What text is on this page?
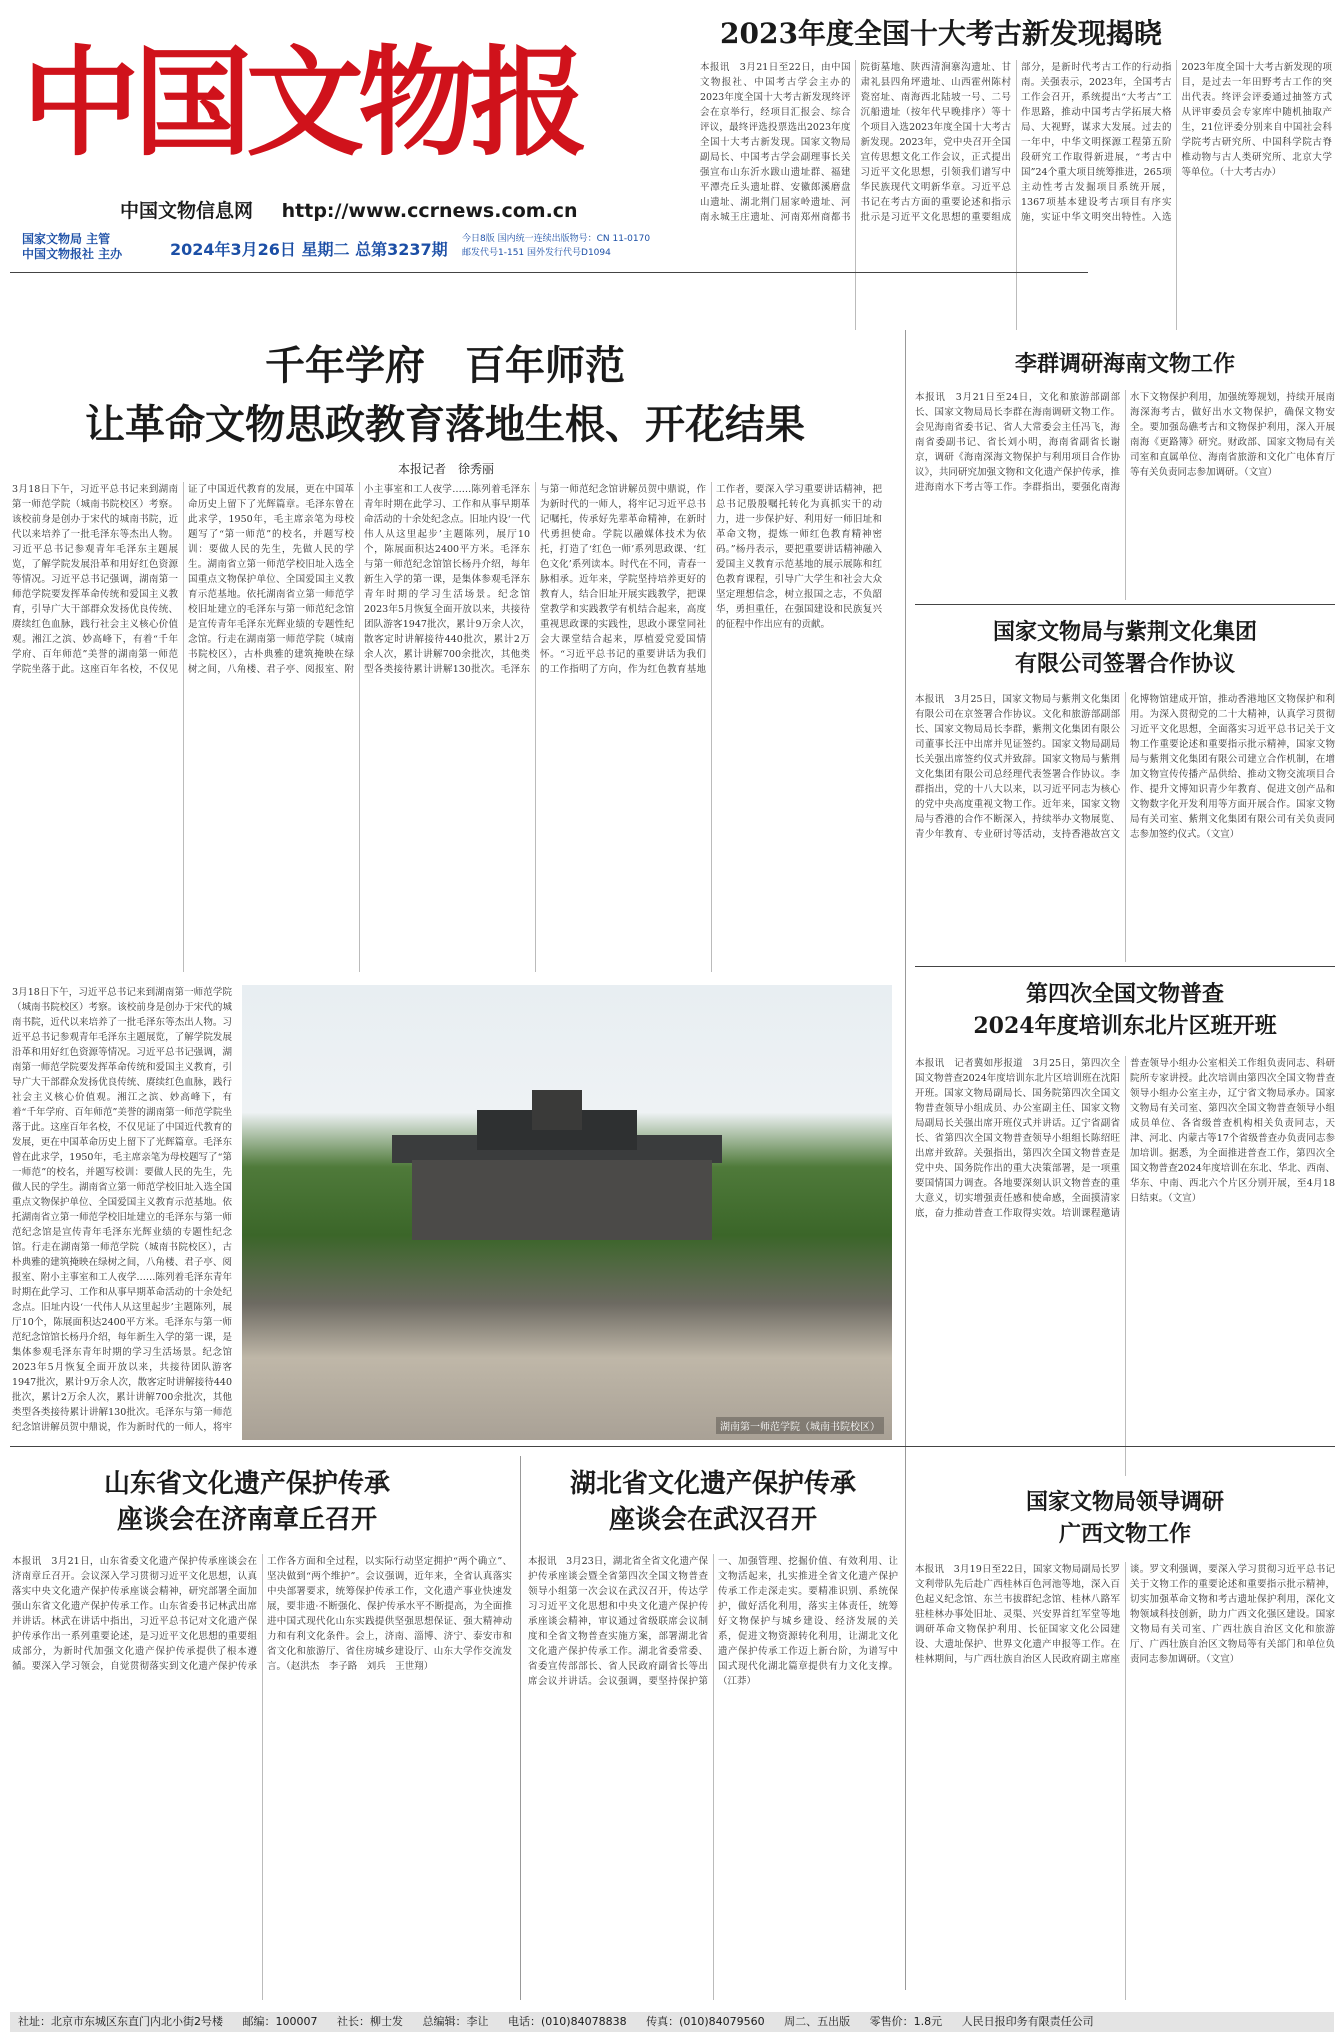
中国文物报
中国文物信息网 http://www.ccrnews.com.cn
国家文物局 主管
中国文物报社 主办	2024年3月26日 星期二 总第3237期
今日8版 国内统一连续出版物号：CN 11-0170
邮发代号1-151 国外发行代号D1094
2023年度全国十大考古新发现揭晓
本报讯　3月21日至22日，由中国文物报社、中国考古学会主办的2023年度全国十大考古新发现终评会在京举行，经项目汇报会、综合评议，最终评选投票选出2023年度全国十大考古新发现。国家文物局副局长、中国考古学会副理事长关强宣布山东沂水跋山遗址群、福建平潭壳丘头遗址群、安徽郎溪磨盘山遗址、湖北荆门屈家岭遗址、河南永城王庄遗址、河南郑州商都书院街墓地、陕西清涧寨沟遗址、甘肃礼县四角坪遗址、山西霍州陈村瓷窑址、南海西北陆坡一号、二号沉船遗址（按年代早晚排序）等十个项目入选2023年度全国十大考古新发现。2023年，党中央召开全国宣传思想文化工作会议，正式提出习近平文化思想，引领我们谱写中华民族现代文明新华章。习近平总书记在考古方面的重要论述和指示批示是习近平文化思想的重要组成部分，是新时代考古工作的行动指南。关强表示，2023年，全国考古工作会召开，系统提出“大考古”工作思路，推动中国考古学拓展大格局、大视野，谋求大发展。过去的一年中，中华文明探源工程第五阶段研究工作取得新进展，“考古中国”24个重大项目统筹推进，265项主动性考古发掘项目系统开展，1367项基本建设考古项目有序实施，实证中华文明突出特性。入选2023年度全国十大考古新发现的项目，是过去一年田野考古工作的突出代表。终评会评委通过抽签方式从评审委员会专家库中随机抽取产生，21位评委分别来自中国社会科学院考古研究所、中国科学院古脊椎动物与古人类研究所、北京大学等单位。（十大考古办）
千年学府　百年师范
让革命文物思政教育落地生根、开花结果
本报记者　徐秀丽
3月18日下午，习近平总书记来到湖南第一师范学院（城南书院校区）考察。该校前身是创办于宋代的城南书院，近代以来培养了一批毛泽东等杰出人物。习近平总书记参观青年毛泽东主题展览，了解学院发展沿革和用好红色资源等情况。习近平总书记强调，湖南第一师范学院要发挥革命传统和爱国主义教育，引导广大干部群众发扬优良传统、赓续红色血脉，践行社会主义核心价值观。湘江之滨、妙高峰下，有着“千年学府、百年师范”美誉的湖南第一师范学院坐落于此。这座百年名校，不仅见证了中国近代教育的发展，更在中国革命历史上留下了光辉篇章。毛泽东曾在此求学，1950年，毛主席亲笔为母校题写了“第一师范”的校名，并题写校训：要做人民的先生，先做人民的学生。湖南省立第一师范学校旧址入选全国重点文物保护单位、全国爱国主义教育示范基地。依托湖南省立第一师范学校旧址建立的毛泽东与第一师范纪念馆是宣传青年毛泽东光辉业绩的专题性纪念馆。行走在湖南第一师范学院（城南书院校区），古朴典雅的建筑掩映在绿树之间，八角楼、君子亭、阅报室、附小主事室和工人夜学……陈列着毛泽东青年时期在此学习、工作和从事早期革命活动的十余处纪念点。旧址内设‘一代伟人从这里起步’主题陈列，展厅10个，陈展面积达2400平方米。毛泽东与第一师范纪念馆馆长杨丹介绍，每年新生入学的第一课，是集体参观毛泽东青年时期的学习生活场景。纪念馆2023年5月恢复全面开放以来，共接待团队游客1947批次，累计9万余人次，散客定时讲解接待440批次，累计2万余人次，累计讲解700余批次，其他类型各类接待累计讲解130批次。毛泽东与第一师范纪念馆讲解员贺中鼎说，作为新时代的一师人，将牢记习近平总书记嘱托，传承好先辈革命精神，在新时代勇担使命。学院以融媒体技术为依托，打造了‘红色一师’系列思政课、‘红色文化’系列读本。时代在不同，青春一脉相承。近年来，学院坚持培养更好的教育人，结合旧址开展实践教学，把课堂教学和实践教学有机结合起来，高度重视思政课的实践性，思政小课堂同社会大课堂结合起来，厚植爱党爱国情怀。“习近平总书记的重要讲话为我们的工作指明了方向，作为红色教育基地工作者，要深入学习重要讲话精神，把总书记殷殷嘱托转化为真抓实干的动力，进一步保护好、利用好一师旧址和革命文物，提炼一师红色教育精神密码。”杨丹表示，要把重要讲话精神融入爱国主义教育示范基地的展示展陈和红色教育课程，引导广大学生和社会大众坚定理想信念，树立报国之志，不负韶华，勇担重任，在强国建设和民族复兴的征程中作出应有的贡献。
3月18日下午，习近平总书记来到湖南第一师范学院（城南书院校区）考察。该校前身是创办于宋代的城南书院，近代以来培养了一批毛泽东等杰出人物。习近平总书记参观青年毛泽东主题展览，了解学院发展沿革和用好红色资源等情况。习近平总书记强调，湖南第一师范学院要发挥革命传统和爱国主义教育，引导广大干部群众发扬优良传统、赓续红色血脉，践行社会主义核心价值观。湘江之滨、妙高峰下，有着“千年学府、百年师范”美誉的湖南第一师范学院坐落于此。这座百年名校，不仅见证了中国近代教育的发展，更在中国革命历史上留下了光辉篇章。毛泽东曾在此求学，1950年，毛主席亲笔为母校题写了“第一师范”的校名，并题写校训：要做人民的先生，先做人民的学生。湖南省立第一师范学校旧址入选全国重点文物保护单位、全国爱国主义教育示范基地。依托湖南省立第一师范学校旧址建立的毛泽东与第一师范纪念馆是宣传青年毛泽东光辉业绩的专题性纪念馆。行走在湖南第一师范学院（城南书院校区），古朴典雅的建筑掩映在绿树之间，八角楼、君子亭、阅报室、附小主事室和工人夜学……陈列着毛泽东青年时期在此学习、工作和从事早期革命活动的十余处纪念点。旧址内设‘一代伟人从这里起步’主题陈列，展厅10个，陈展面积达2400平方米。毛泽东与第一师范纪念馆馆长杨丹介绍，每年新生入学的第一课，是集体参观毛泽东青年时期的学习生活场景。纪念馆2023年5月恢复全面开放以来，共接待团队游客1947批次，累计9万余人次，散客定时讲解接待440批次，累计2万余人次，累计讲解700余批次，其他类型各类接待累计讲解130批次。毛泽东与第一师范纪念馆讲解员贺中鼎说，作为新时代的一师人，将牢	湖南第一师范学院（城南书院校区）
李群调研海南文物工作
本报讯　3月21日至24日，文化和旅游部副部长、国家文物局局长李群在海南调研文物工作。会见海南省委书记、省人大常委会主任冯飞，海南省委副书记、省长刘小明，海南省副省长谢京，调研《海南深海文物保护与利用项目合作协议》，共同研究加强文物和文化遗产保护传承，推进海南水下考古等工作。李群指出，要强化南海水下文物保护利用，加强统筹规划，持续开展南海深海考古，做好出水文物保护，确保文物安全。要加强岛礁考古和文物保护利用，深入开展南海《更路簿》研究。财政部、国家文物局有关司室和直属单位、海南省旅游和文化广电体育厅等有关负责同志参加调研。（文宣）
国家文物局与紫荆文化集团
有限公司签署合作协议
本报讯　3月25日，国家文物局与紫荆文化集团有限公司在京签署合作协议。文化和旅游部副部长、国家文物局局长李群，紫荆文化集团有限公司董事长汪中出席并见证签约。国家文物局副局长关强出席签约仪式并致辞。国家文物局与紫荆文化集团有限公司总经理代表签署合作协议。李群指出，党的十八大以来，以习近平同志为核心的党中央高度重视文物工作。近年来，国家文物局与香港的合作不断深入，持续举办文物展览、青少年教育、专业研讨等活动，支持香港故宫文化博物馆建成开馆，推动香港地区文物保护和利用。为深入贯彻党的二十大精神，认真学习贯彻习近平文化思想，全面落实习近平总书记关于文物工作重要论述和重要指示批示精神，国家文物局与紫荆文化集团有限公司建立合作机制，在增加文物宣传传播产品供给、推动文物交流项目合作、提升文博知识青少年教育、促进文创产品和文物数字化开发利用等方面开展合作。国家文物局有关司室、紫荆文化集团有限公司有关负责同志参加签约仪式。（文宣）
第四次全国文物普查
2024年度培训东北片区班开班
本报讯　记者冀如彤报道　3月25日，第四次全国文物普查2024年度培训东北片区培训班在沈阳开班。国家文物局副局长、国务院第四次全国文物普查领导小组成员、办公室副主任、国家文物局副局长关强出席开班仪式并讲话。辽宁省副省长、省第四次全国文物普查领导小组组长陈绍旺出席并致辞。关强指出，第四次全国文物普查是党中央、国务院作出的重大决策部署，是一项重要国情国力调查。各地要深刻认识文物普查的重大意义，切实增强责任感和使命感，全面摸清家底，奋力推动普查工作取得实效。培训课程邀请普查领导小组办公室相关工作组负责同志、科研院所专家讲授。此次培训由第四次全国文物普查领导小组办公室主办，辽宁省文物局承办。国家文物局有关司室、第四次全国文物普查领导小组成员单位、各省级普查机构相关负责同志，天津、河北、内蒙古等17个省级普查办负责同志参加培训。据悉，为全面推进普查工作，第四次全国文物普查2024年度培训在东北、华北、西南、华东、中南、西北六个片区分别开展，至4月18日结束。（文宣）
山东省文化遗产保护传承
座谈会在济南章丘召开
本报讯　3月21日，山东省委文化遗产保护传承座谈会在济南章丘召开。会议深入学习贯彻习近平文化思想，认真落实中央文化遗产保护传承座谈会精神，研究部署全面加强山东省文化遗产保护传承工作。山东省委书记林武出席并讲话。林武在讲话中指出，习近平总书记对文化遗产保护传承作出一系列重要论述，是习近平文化思想的重要组成部分，为新时代加强文化遗产保护传承提供了根本遵循。要深入学习领会，自觉贯彻落实到文化遗产保护传承工作各方面和全过程，以实际行动坚定拥护“两个确立”、坚决做到“两个维护”。会议强调，近年来，全省认真落实中央部署要求，统筹保护传承工作，文化遗产事业快速发展，要非遗·不断强化、保护传承水平不断提高，为全面推进中国式现代化山东实践提供坚强思想保证、强大精神动力和有利文化条件。会上，济南、淄博、济宁、泰安市和省文化和旅游厅、省住房城乡建设厅、山东大学作交流发言。（赵洪杰　李子路　刘兵　王世翔）
湖北省文化遗产保护传承
座谈会在武汉召开
本报讯　3月23日，湖北省全省文化遗产保护传承座谈会暨全省第四次全国文物普查领导小组第一次会议在武汉召开，传达学习习近平文化思想和中央文化遗产保护传承座谈会精神，审议通过省级联席会议制度和全省文物普查实施方案，部署湖北省文化遗产保护传承工作。湖北省委常委、省委宣传部部长、省人民政府副省长等出席会议并讲话。会议强调，要坚持保护第一、加强管理、挖掘价值、有效利用、让文物活起来，扎实推进全省文化遗产保护传承工作走深走实。要精准识别、系统保护，做好活化利用，落实主体责任，统筹好文物保护与城乡建设、经济发展的关系，促进文物资源转化利用，让湖北文化遗产保护传承工作迈上新台阶，为谱写中国式现代化湖北篇章提供有力文化支撑。（江莽）
国家文物局领导调研
广西文物工作
本报讯　3月19日至22日，国家文物局副局长罗文利带队先后赴广西桂林百色河池等地，深入百色起义纪念馆、东兰韦拔群纪念馆、桂林八路军驻桂林办事处旧址、灵渠、兴安界首红军堂等地调研革命文物保护利用、长征国家文化公园建设、大遗址保护、世界文化遗产申报等工作。在桂林期间，与广西壮族自治区人民政府副主席座谈。罗文利强调，要深入学习贯彻习近平总书记关于文物工作的重要论述和重要指示批示精神，切实加强革命文物和考古遗址保护利用，深化文物领域科技创新，助力广西文化强区建设。国家文物局有关司室、广西壮族自治区文化和旅游厅、广西壮族自治区文物局等有关部门和单位负责同志参加调研。（文宣）
社址：北京市东城区东直门内北小街2号楼 邮编：100007 社长：柳士发 总编辑：李让 电话：(010)84078838 传真：(010)84079560 周二、五出版 零售价：1.8元 人民日报印务有限责任公司
